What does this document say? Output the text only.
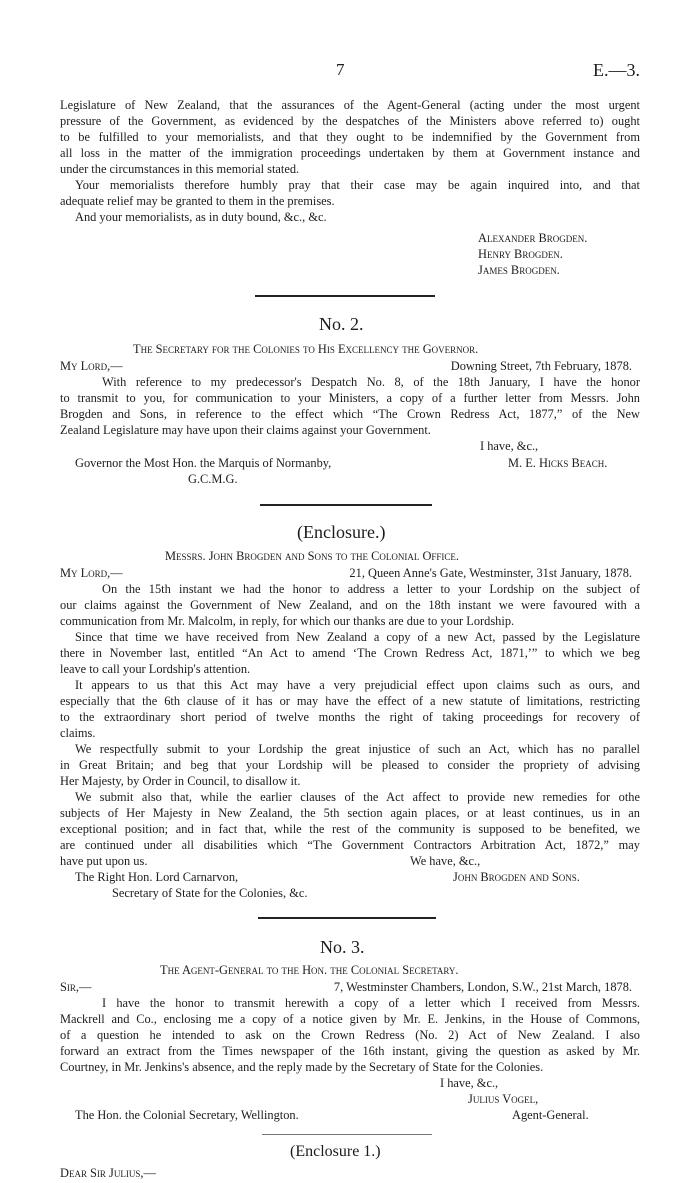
7	E.—3.
Legislature of New Zealand, that the assurances of the Agent-General (acting under the most urgent
pressure of the Government, as evidenced by the despatches of the Ministers above referred to) ought
to be fulfilled to your memorialists, and that they ought to be indemnified by the Government from
all loss in the matter of the immigration proceedings undertaken by them at Government instance and
under the circumstances in this memorial stated.
Your memorialists therefore humbly pray that their case may be again inquired into, and that
adequate relief may be granted to them in the premises.
And your memorialists, as in duty bound, &c., &c.
Alexander Brogden.
Henry Brogden.
James Brogden.
No. 2.
The Secretary for the Colonies to His Excellency the Governor.
My Lord,—	Downing Street, 7th February, 1878.
With reference to my predecessor's Despatch No. 8, of the 18th January, I have the honor
to transmit to you, for communication to your Ministers, a copy of a further letter from Messrs. John
Brogden and Sons, in reference to the effect which “The Crown Redress Act, 1877,” of the New
Zealand Legislature may have upon their claims against your Government.
I have, &c.,
Governor the Most Hon. the Marquis of Normanby,	M. E. Hicks Beach.
G.C.M.G.
(Enclosure.)
Messrs. John Brogden and Sons to the Colonial Office.
My Lord,—	21, Queen Anne's Gate, Westminster, 31st January, 1878.
On the 15th instant we had the honor to address a letter to your Lordship on the subject of
our claims against the Government of New Zealand, and on the 18th instant we were favoured with a
communication from Mr. Malcolm, in reply, for which our thanks are due to your Lordship.
Since that time we have received from New Zealand a copy of a new Act, passed by the Legislature
there in November last, entitled “An Act to amend ‘The Crown Redress Act, 1871,’” to which we beg
leave to call your Lordship's attention.
It appears to us that this Act may have a very prejudicial effect upon claims such as ours, and
especially that the 6th clause of it has or may have the effect of a new statute of limitations, restricting
to the extraordinary short period of twelve months the right of taking proceedings for recovery of
claims.
We respectfully submit to your Lordship the great injustice of such an Act, which has no parallel
in Great Britain; and beg that your Lordship will be pleased to consider the propriety of advising
Her Majesty, by Order in Council, to disallow it.
We submit also that, while the earlier clauses of the Act affect to provide new remedies for othe
subjects of Her Majesty in New Zealand, the 5th section again places, or at least continues, us in an
exceptional position; and in fact that, while the rest of the community is supposed to be benefited, we
are continued under all disabilities which “The Government Contractors Arbitration Act, 1872,” may
have put upon us.	We have, &c.,
The Right Hon. Lord Carnarvon,	John Brogden and Sons.
Secretary of State for the Colonies, &c.
No. 3.
The Agent-General to the Hon. the Colonial Secretary.
Sir,—	7, Westminster Chambers, London, S.W., 21st March, 1878.
I have the honor to transmit herewith a copy of a letter which I received from Messrs.
Mackrell and Co., enclosing me a copy of a notice given by Mr. E. Jenkins, in the House of Commons,
of a question he intended to ask on the Crown Redress (No. 2) Act of New Zealand. I also
forward an extract from the Times newspaper of the 16th instant, giving the question as asked by Mr.
Courtney, in Mr. Jenkins's absence, and the reply made by the Secretary of State for the Colonies.
I have, &c.,
Julius Vogel,
The Hon. the Colonial Secretary, Wellington.	Agent-General.
(Enclosure 1.)
Dear Sir Julius,—
